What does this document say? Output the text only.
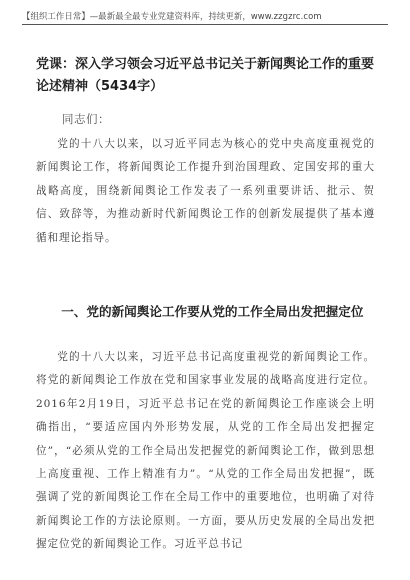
【组织工作日常】—最新最全最专业党建资料库，持续更新，www.zzgzrc.com
党课：深入学习领会习近平总书记关于新闻舆论工作的重要论述精神（5434字）
同志们：

党的十八大以来，以习近平同志为核心的党中央高度重视党的新闻舆论工作，将新闻舆论工作提升到治国理政、定国安邦的重大战略高度，围绕新闻舆论工作发表了一系列重要讲话、批示、贺信、致辞等，为推动新时代新闻舆论工作的创新发展提供了基本遵循和理论指导。

一、党的新闻舆论工作要从党的工作全局出发把握定位

党的十八大以来，习近平总书记高度重视党的新闻舆论工作。将党的新闻舆论工作放在党和国家事业发展的战略高度进行定位。2016年2月19日，习近平总书记在党的新闻舆论工作座谈会上明确指出，“要适应国内外形势发展，从党的工作全局出发把握定位”，“必须从党的工作全局出发把握党的新闻舆论工作，做到思想上高度重视、工作上精准有力”。“从党的工作全局出发把握”，既强调了党的新闻舆论工作在全局工作中的重要地位，也明确了对待新闻舆论工作的方法论原则。一方面，要从历史发展的全局出发把握定位党的新闻舆论工作。习近平总书记
